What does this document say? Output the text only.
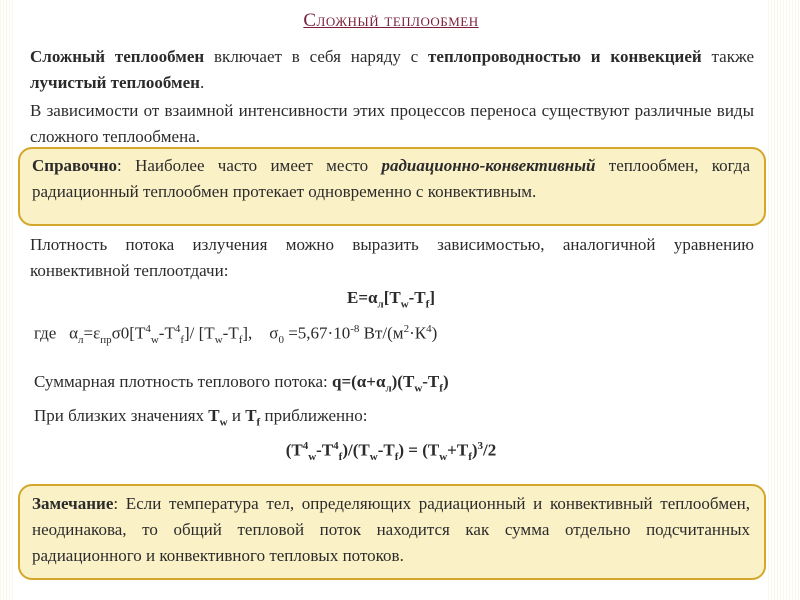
Сложный теплообмен
Сложный теплообмен включает в себя наряду с теплопроводностью и конвекцией также лучистый теплообмен.
В зависимости от взаимной интенсивности этих процессов переноса существуют различные виды сложного теплообмена.
Справочно: Наиболее часто имеет место радиационно-конвективный теплообмен, когда радиационный теплообмен протекает одновременно с конвективным.
Плотность потока излучения можно выразить зависимостью, аналогичной уравнению конвективной теплоотдачи:
$E=\alpha_л[T_w-T_f]$
где $\alpha_л=\varepsilon_{пр}\sigma 0[T^4_w-T^4_f]/$ $[T_w-T_f]$, $\sigma_0 =5,67\cdot 10^{-8}$ $Вт/(м^2\cdot К^4)$
Суммарная плотность теплового потока: $q=(\alpha+\alpha_л)(T_w-T_f)$
При близких значениях $T_w$ и $T_f$ приближенно:
$(T^4_w-T^4_f)/(T_w-T_f) = (T_w+T_f)^3/2$
Замечание: Если температура тел, определяющих радиационный и конвективный теплообмен, неодинакова, то общий тепловой поток находится как сумма отдельно подсчитанных радиационного и конвективного тепловых потоков.
